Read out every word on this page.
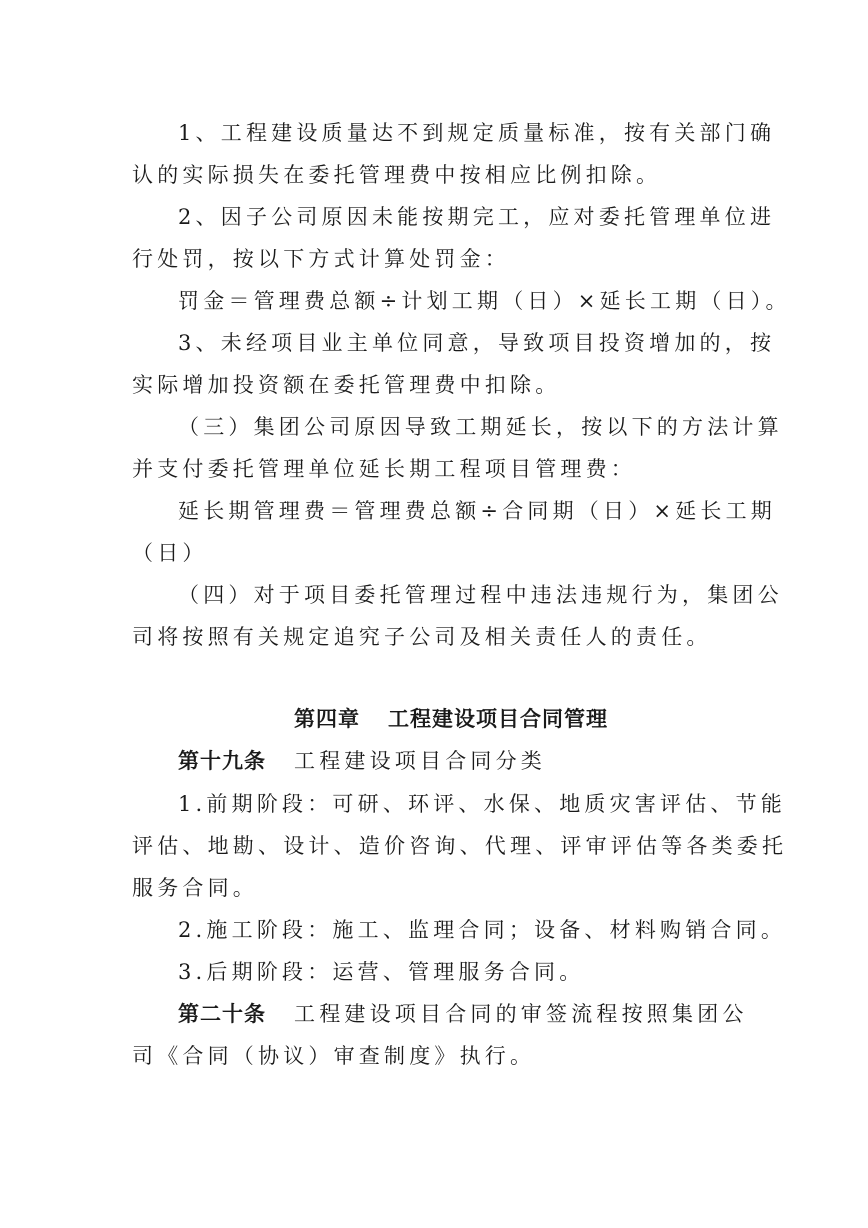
1、工程建设质量达不到规定质量标准，按有关部门确
认的实际损失在委托管理费中按相应比例扣除。
2、因子公司原因未能按期完工，应对委托管理单位进
行处罚，按以下方式计算处罚金：
罚金＝管理费总额÷计划工期（日）×延长工期（日）。
3、未经项目业主单位同意，导致项目投资增加的，按
实际增加投资额在委托管理费中扣除。
（三）集团公司原因导致工期延长，按以下的方法计算
并支付委托管理单位延长期工程项目管理费：
延长期管理费＝管理费总额÷合同期（日）×延长工期
（日）
（四）对于项目委托管理过程中违法违规行为，集团公
司将按照有关规定追究子公司及相关责任人的责任。
第四章 工程建设项目合同管理
第十九条 工程建设项目合同分类
1.前期阶段：可研、环评、水保、地质灾害评估、节能
评估、地勘、设计、造价咨询、代理、评审评估等各类委托
服务合同。
2.施工阶段：施工、监理合同；设备、材料购销合同。
3.后期阶段：运营、管理服务合同。
第二十条 工程建设项目合同的审签流程按照集团公
司《合同（协议）审查制度》执行。
